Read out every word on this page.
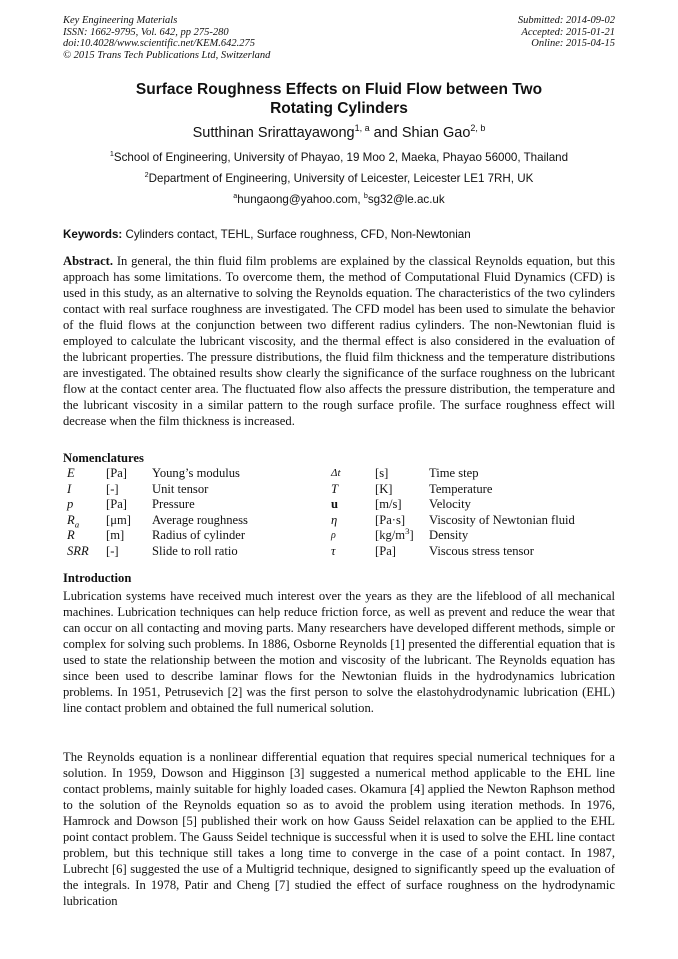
Key Engineering Materials
ISSN: 1662-9795, Vol. 642, pp 275-280
doi:10.4028/www.scientific.net/KEM.642.275
© 2015 Trans Tech Publications Ltd, Switzerland
Submitted: 2014-09-02
Accepted: 2015-01-21
Online: 2015-04-15
Surface Roughness Effects on Fluid Flow between Two
Rotating Cylinders
Sutthinan Srirattayawong$^{1, a}$ and Shian Gao$^{2, b}$
$^1$School of Engineering, University of Phayao, 19 Moo 2, Maeka, Phayao 56000, Thailand
$^2$Department of Engineering, University of Leicester, Leicester LE1 7RH, UK
$^a$hungaong@yahoo.com, $^b$sg32@le.ac.uk
Keywords: Cylinders contact, TEHL, Surface roughness, CFD, Non-Newtonian
Abstract. In general, the thin fluid film problems are explained by the classical Reynolds equation, but this approach has some limitations. To overcome them, the method of Computational Fluid Dynamics (CFD) is used in this study, as an alternative to solving the Reynolds equation. The characteristics of the two cylinders contact with real surface roughness are investigated. The CFD model has been used to simulate the behavior of the fluid flows at the conjunction between two different radius cylinders. The non-Newtonian fluid is employed to calculate the lubricant viscosity, and the thermal effect is also considered in the evaluation of the lubricant properties. The pressure distributions, the fluid film thickness and the temperature distributions are investigated. The obtained results show clearly the significance of the surface roughness on the lubricant flow at the contact center area. The fluctuated flow also affects the pressure distribution, the temperature and the lubricant viscosity in a similar pattern to the rough surface profile. The surface roughness effect will decrease when the film thickness is increased.
Nomenclatures
E [Pa] Young’s modulus	Δt	[s]	Time step
I	[-]	Unit tensor	T	[K]	Temperature
p	[Pa] Pressure	u	[m/s] Velocity
$R_a$ [μm] Average roughness	η	[Pa·s] Viscosity of Newtonian fluid
R [m] Radius of cylinder	ρ	$[kg/m^3]$ Density
SRR [-]	Slide to roll ratio	τ	[Pa]	Viscous stress tensor
Introduction
Lubrication systems have received much interest over the years as they are the lifeblood of all mechanical machines. Lubrication techniques can help reduce friction force, as well as prevent and reduce the wear that can occur on all contacting and moving parts. Many researchers have developed different methods, simple or complex for solving such problems. In 1886, Osborne Reynolds [1] presented the differential equation that is used to state the relationship between the motion and viscosity of the lubricant. The Reynolds equation has since been used to describe laminar flows for the Newtonian fluids in the hydrodynamics lubrication problems. In 1951, Petrusevich [2] was the first person to solve the elastohydrodynamic lubrication (EHL) line contact problem and obtained the full numerical solution.
The Reynolds equation is a nonlinear differential equation that requires special numerical techniques for a solution. In 1959, Dowson and Higginson [3] suggested a numerical method applicable to the EHL line contact problems, mainly suitable for highly loaded cases. Okamura [4] applied the Newton Raphson method to the solution of the Reynolds equation so as to avoid the problem using iteration methods. In 1976, Hamrock and Dowson [5] published their work on how Gauss Seidel relaxation can be applied to the EHL point contact problem. The Gauss Seidel technique is successful when it is used to solve the EHL line contact problem, but this technique still takes a long time to converge in the case of a point contact. In 1987, Lubrecht [6] suggested the use of a Multigrid technique, designed to significantly speed up the evaluation of the integrals. In 1978, Patir and Cheng [7] studied the effect of surface roughness on the hydrodynamic lubrication
